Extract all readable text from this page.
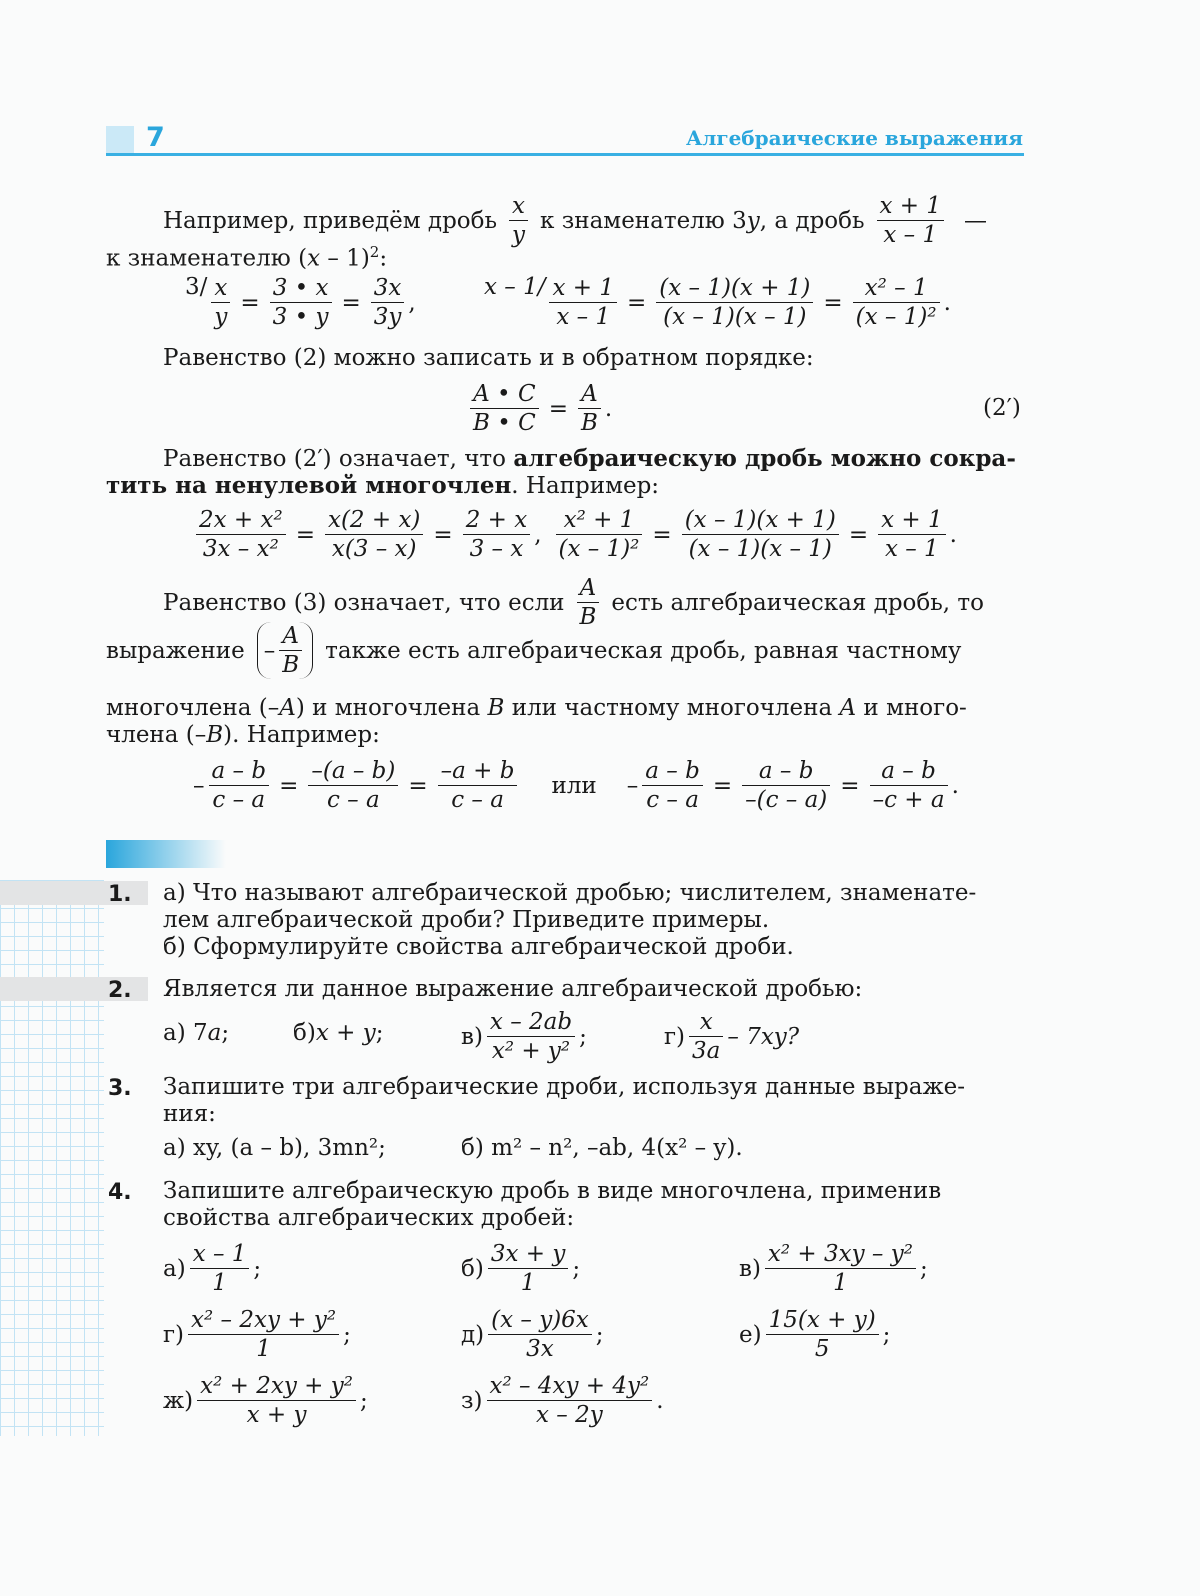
7	Алгебраические выражения
Например, приведём дробь
x
y
к знаменателю 3 y , а дробь
x + 1
x – 1
—
к знаменателю (x – 1)$^2$:
$3/ \frac{x}{y} = \frac{3 • x}{3 • y} = \frac{3x}{3y}$ ,
$x - 1/ \frac{x + 1}{x - 1} = \frac{(x - 1)(x + 1)}{(x - 1)(x - 1)} = \frac{\text{x² – 1}}{\text{(x – 1)²}}$ .
Равенство (2) можно записать и в обратном порядке:
$\frac{A • C}{B • C} = \frac{A}{B}$ .	(2′)
Равенство (2′) означает, что алгебраическую дробь можно сокра-
тить на ненулевой многочлен. Например:
$\frac{\text{2x + x²}}{\text{3x – x²}} = \frac{x(2 + x)}{x(3 - x)} = \frac{2 + x}{3 - x}$ , $\frac{\text{x² + 1}}{\text{(x – 1)²}} = \frac{(x - 1)(x + 1)}{(x - 1)(x - 1)} = \frac{x + 1}{x - 1}$ .
Равенство (3) означает, что если
A
B
есть алгебраическая дробь, то
выражение –
A
B
также есть алгебраическая дробь, равная частному
многочлена (–A) и многочлена B или частному многочлена A и много-
члена (–B). Например:
– $\frac{a - b}{c - a} = \frac{-(a - b)}{c - a} = \frac{-a + b}{c - a}$ или – $\frac{a - b}{c - a} = \frac{a - b}{-(c - a)} = \frac{a - b}{-c + a}$ .
1. а) Что называют алгебраической дробью; числителем, знаменате-
лем алгебраической дроби? Приведите примеры.
б) Сформулируйте свойства алгебраической дроби.
2. Является ли данное выражение алгебраической дробью:
а) 7 a ;	б) x + y ;	в)
x – 2ab
x² + y²
;	г)
x
3a
– 7xy?
3. Запишите три алгебраические дроби, используя данные выраже-
ния:
а) xy, (a – b), 3mn²;	б) m² – n², –ab, 4(x² – y).
4. Запишите алгебраическую дробь в виде многочлена, применив
свойства алгебраических дробей:
а)
x – 1
1
;	б)
3x + y
1
;	в)
x² + 3xy – y²
1
;
г)
x² – 2xy + y²
1
;	д)
(x – y)6x
3x
;	е)
15(x + y)
5
;
ж)
x² + 2xy + y²
x + y
;	з)
x² – 4xy + 4y²
x – 2y
.
